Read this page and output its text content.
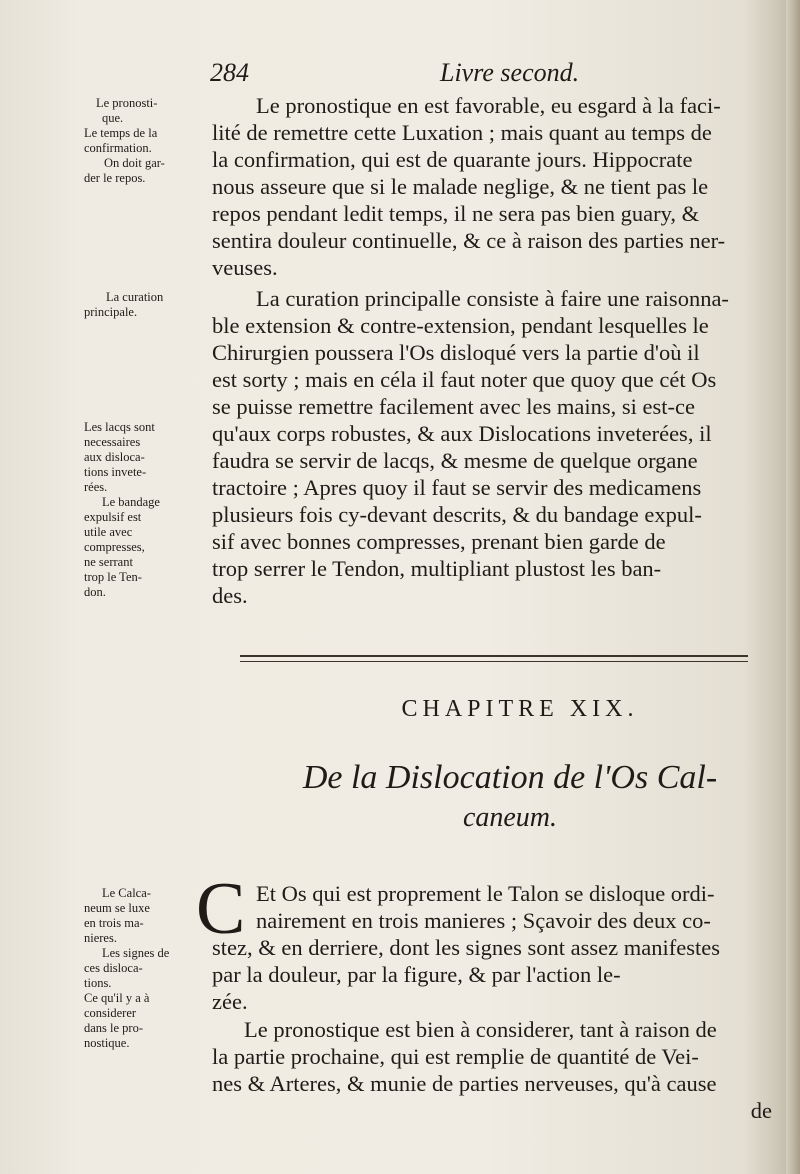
284	Livre second.
Le pronosti-
que.
Le temps de la
confirmation.
On doit gar-
der le repos.
La curation
principale.
Les lacqs sont
necessaires
aux disloca-
tions invete-
rées.
Le bandage
expulsif est
utile avec
compresses,
ne serrant
trop le Ten-
don.
Le pronostique en est favorable, eu esgard à la faci-
lité de remettre cette Luxation ; mais quant au temps de
la confirmation, qui est de quarante jours. Hippocrate
nous asseure que si le malade neglige, & ne tient pas le
repos pendant ledit temps, il ne sera pas bien guary, &
sentira douleur continuelle, & ce à raison des parties ner-
veuses.
La curation principalle consiste à faire une raisonna-
ble extension & contre-extension, pendant lesquelles le
Chirurgien poussera l'Os disloqué vers la partie d'où il
est sorty ; mais en céla il faut noter que quoy que cét Os
se puisse remettre facilement avec les mains, si est-ce
qu'aux corps robustes, & aux Dislocations inveterées, il
faudra se servir de lacqs, & mesme de quelque organe
tractoire ; Apres quoy il faut se servir des medicamens
plusieurs fois cy-devant descrits, & du bandage expul-
sif avec bonnes compresses, prenant bien garde de
trop serrer le Tendon, multipliant plustost les ban-
des.
CHAPITRE XIX.
De la Dislocation de l'Os Cal-
caneum.
Le Calca-
neum se luxe
en trois ma-
nieres.
Les signes de
ces disloca-
tions.
Ce qu'il y a à
considerer
dans le pro-
nostique.
C Et Os qui est proprement le Talon se disloque ordi-
nairement en trois manieres ; Sçavoir des deux co-
stez, & en derriere, dont les signes sont assez manifestes
par la douleur, par la figure, & par l'action le-
zée.
Le pronostique est bien à considerer, tant à raison de
la partie prochaine, qui est remplie de quantité de Vei-
nes & Arteres, & munie de parties nerveuses, qu'à cause
de
